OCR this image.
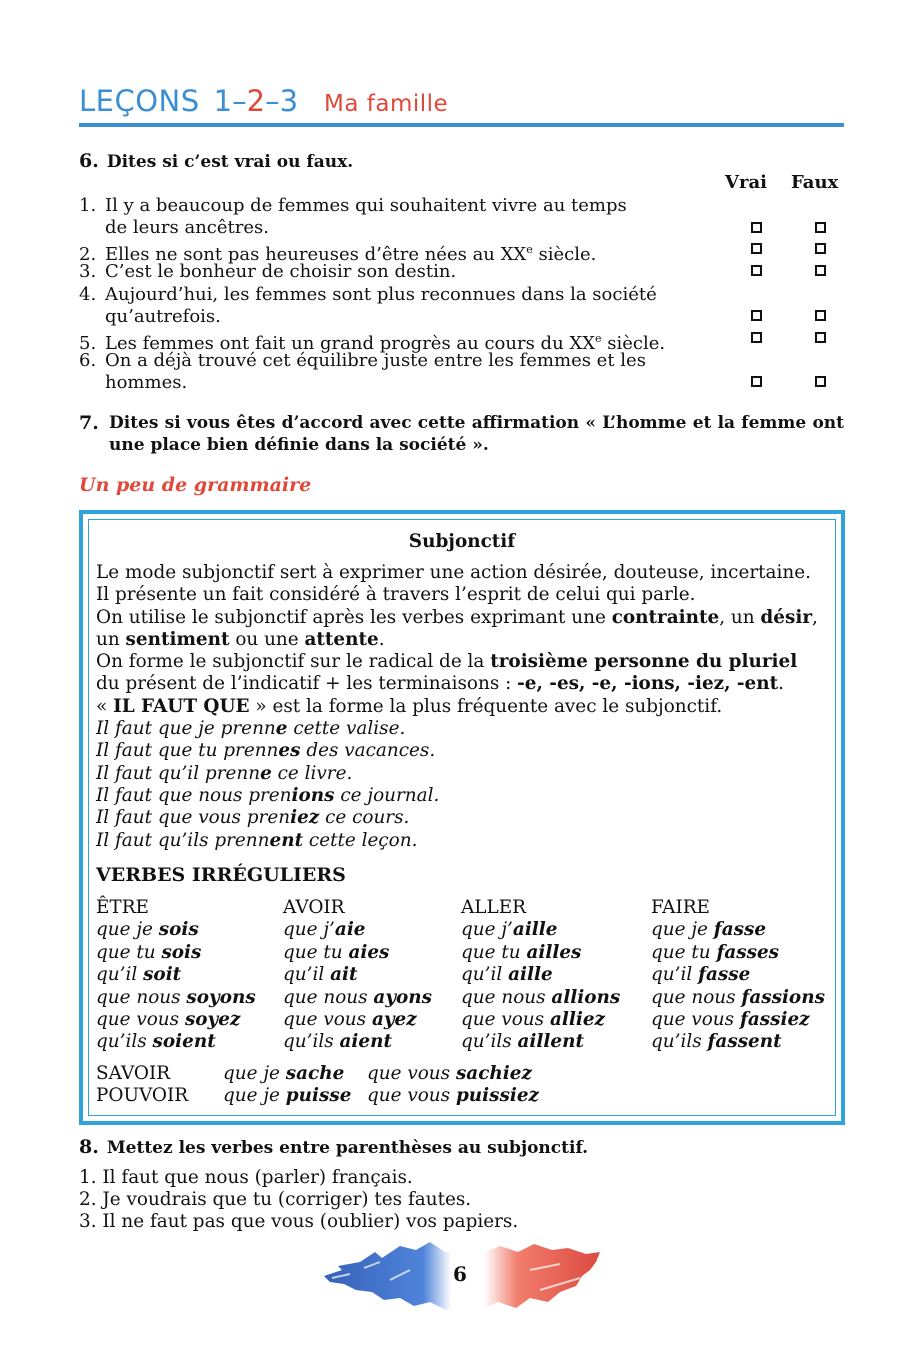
LEÇONS 1–2–3 Ma famille
6. Dites si c’est vrai ou faux.
Vrai Faux
1. Il y a beaucoup de femmes qui souhaitent vivre au temps
de leurs ancêtres.
2. Elles ne sont pas heureuses d’être nées au XXe siècle.
3. C’est le bonheur de choisir son destin.
4. Aujourd’hui, les femmes sont plus reconnues dans la société
qu’autrefois.
5. Les femmes ont fait un grand progrès au cours du XXe siècle.
6. On a déjà trouvé cet équilibre juste entre les femmes et les
hommes.
7. Dites si vous êtes d’accord avec cette affirmation « L’homme et la femme ont une place bien définie dans la société ».
Un peu de grammaire
Subjonctif
Le mode subjonctif sert à exprimer une action désirée, douteuse, incertaine.
Il présente un fait considéré à travers l’esprit de celui qui parle.
On utilise le subjonctif après les verbes exprimant une contrainte, un désir,
un sentiment ou une attente.
On forme le subjonctif sur le radical de la troisième personne du pluriel
du présent de l’indicatif + les terminaisons : -e, -es, -e, -ions, -iez, -ent.
« IL FAUT QUE » est la forme la plus fréquente avec le subjonctif.
Il faut que je prenne cette valise.
Il faut que tu prennes des vacances.
Il faut qu’il prenne ce livre.
Il faut que nous prenions ce journal.
Il faut que vous preniez ce cours.
Il faut qu’ils prennent cette leçon.
VERBES IRRÉGULIERS
ÊTRE
que je sois
que tu sois
qu’il soit
que nous soyons
que vous soyez
qu’ils soient
AVOIR
que j’aie
que tu aies
qu’il ait
que nous ayons
que vous ayez
qu’ils aient
ALLER
que j’aille
que tu ailles
qu’il aille
que nous allions
que vous alliez
qu’ils aillent
FAIRE
que je fasse
que tu fasses
qu’il fasse
que nous fassions
que vous fassiez
qu’ils fassent
SAVOIR	que je sache que vous sachiez
POUVOIR que je puisse que vous puissiez
8. Mettez les verbes entre parenthèses au subjonctif.
1. Il faut que nous (parler) français.
2. Je voudrais que tu (corriger) tes fautes.
3. Il ne faut pas que vous (oublier) vos papiers.
6
